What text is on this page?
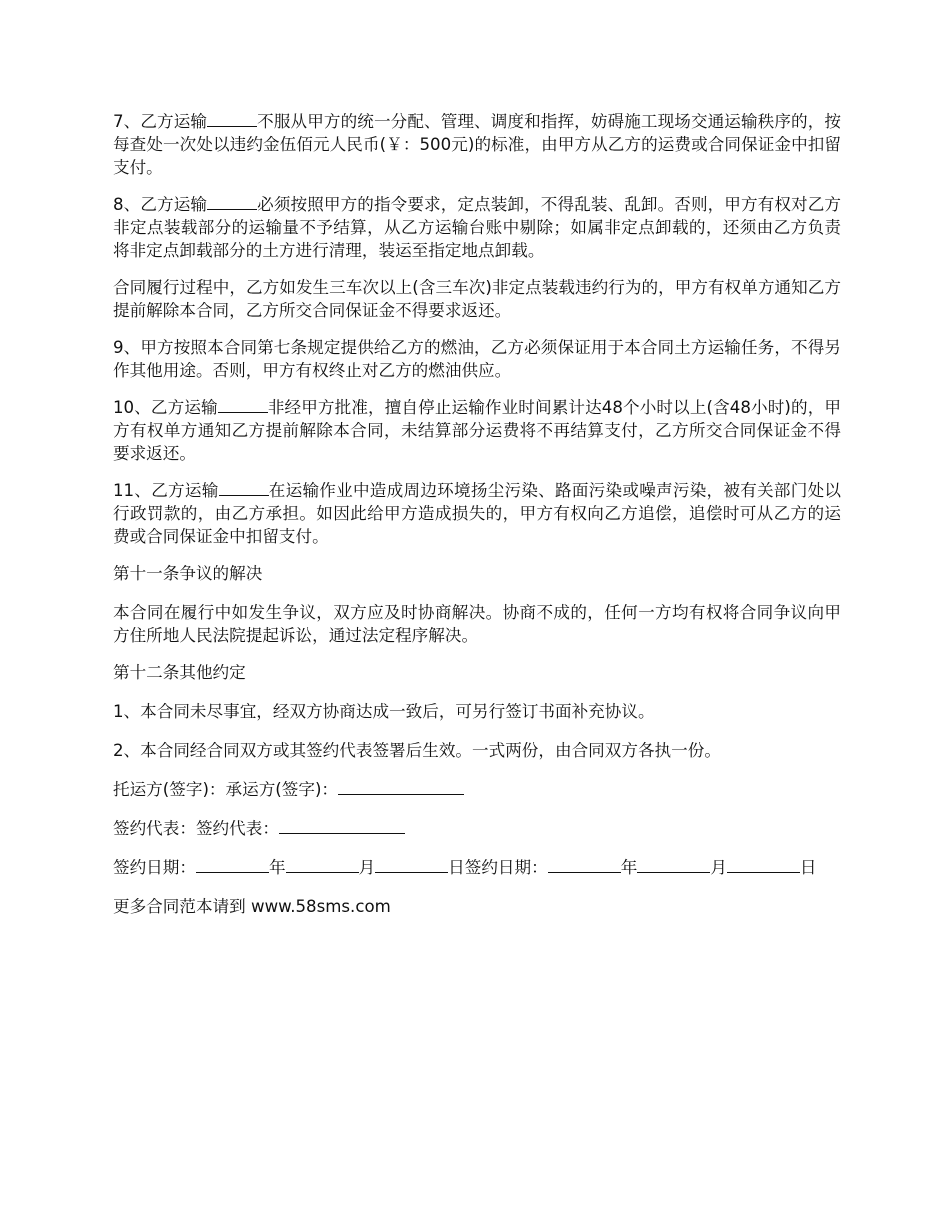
7、乙方运输	不服从甲方的统一分配、管理、调度和指挥，妨碍施工现场交通运输秩序的，按每查处一次处以违约金伍佰元人民币(￥：500元)的标准，由甲方从乙方的运费或合同保证金中扣留支付。

8、乙方运输	必须按照甲方的指令要求，定点装卸，不得乱装、乱卸。否则，甲方有权对乙方非定点装载部分的运输量不予结算，从乙方运输台账中剔除；如属非定点卸载的，还须由乙方负责将非定点卸载部分的土方进行清理，装运至指定地点卸载。

合同履行过程中，乙方如发生三车次以上(含三车次)非定点装载违约行为的，甲方有权单方通知乙方提前解除本合同，乙方所交合同保证金不得要求返还。

9、甲方按照本合同第七条规定提供给乙方的燃油，乙方必须保证用于本合同土方运输任务，不得另作其他用途。否则，甲方有权终止对乙方的燃油供应。

10、乙方运输	非经甲方批准，擅自停止运输作业时间累计达48个小时以上(含48小时)的，甲方有权单方通知乙方提前解除本合同，未结算部分运费将不再结算支付，乙方所交合同保证金不得要求返还。

11、乙方运输	在运输作业中造成周边环境扬尘污染、路面污染或噪声污染，被有关部门处以行政罚款的，由乙方承担。如因此给甲方造成损失的，甲方有权向乙方追偿，追偿时可从乙方的运费或合同保证金中扣留支付。

第十一条争议的解决

本合同在履行中如发生争议，双方应及时协商解决。协商不成的，任何一方均有权将合同争议向甲方住所地人民法院提起诉讼，通过法定程序解决。

第十二条其他约定

1、本合同未尽事宜，经双方协商达成一致后，可另行签订书面补充协议。

2、本合同经合同双方或其签约代表签署后生效。一式两份，由合同双方各执一份。

托运方(签字)：承运方(签字)：

签约代表：签约代表：

签约日期：	年	月	日签约日期：	年	月	日

更多合同范本请到 www.58sms.com
